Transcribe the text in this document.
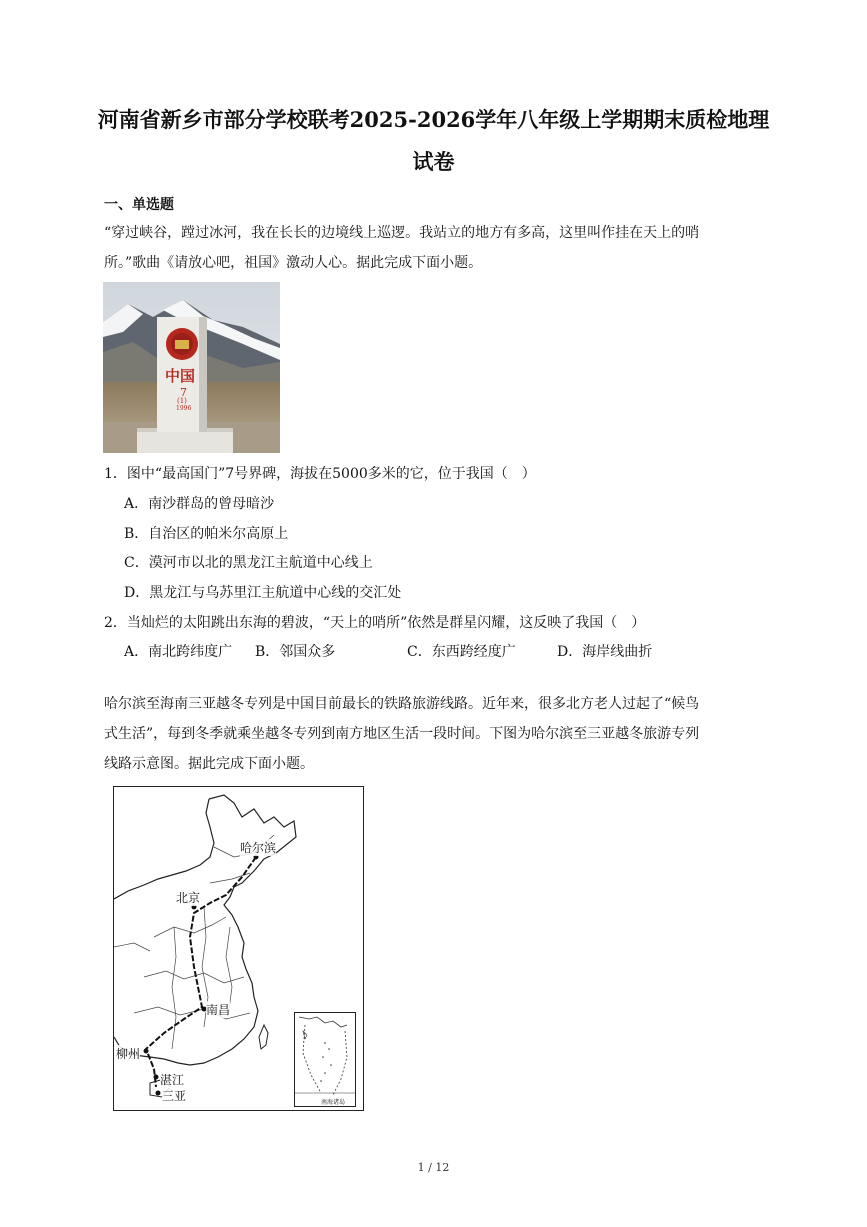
河南省新乡市部分学校联考2025-2026学年八年级上学期期末质检地理
试卷
一、单选题
“穿过峡谷，蹚过冰河，我在长长的边境线上巡逻。我站立的地方有多高，这里叫作挂在天上的哨
所。”歌曲《请放心吧，祖国》激动人心。据此完成下面小题。
中国
7
(1)
1996
1．图中“最高国门”7号界碑，海拔在5000多米的它，位于我国（　）
A．南沙群岛的曾母暗沙
B．自治区的帕米尔高原上
C．漠河市以北的黑龙江主航道中心线上
D．黑龙江与乌苏里江主航道中心线的交汇处
2．当灿烂的太阳跳出东海的碧波，“天上的哨所”依然是群星闪耀，这反映了我国（　）
A．南北跨纬度广 B．邻国众多	C．东西跨经度广	D．海岸线曲折
哈尔滨至海南三亚越冬专列是中国目前最长的铁路旅游线路。近年来，很多北方老人过起了“候鸟
式生活”，每到冬季就乘坐越冬专列到南方地区生活一段时间。下图为哈尔滨至三亚越冬旅游专列
线路示意图。据此完成下面小题。
哈尔滨
北京
南昌
柳州
湛江
三亚	南海诸岛
1 / 12
